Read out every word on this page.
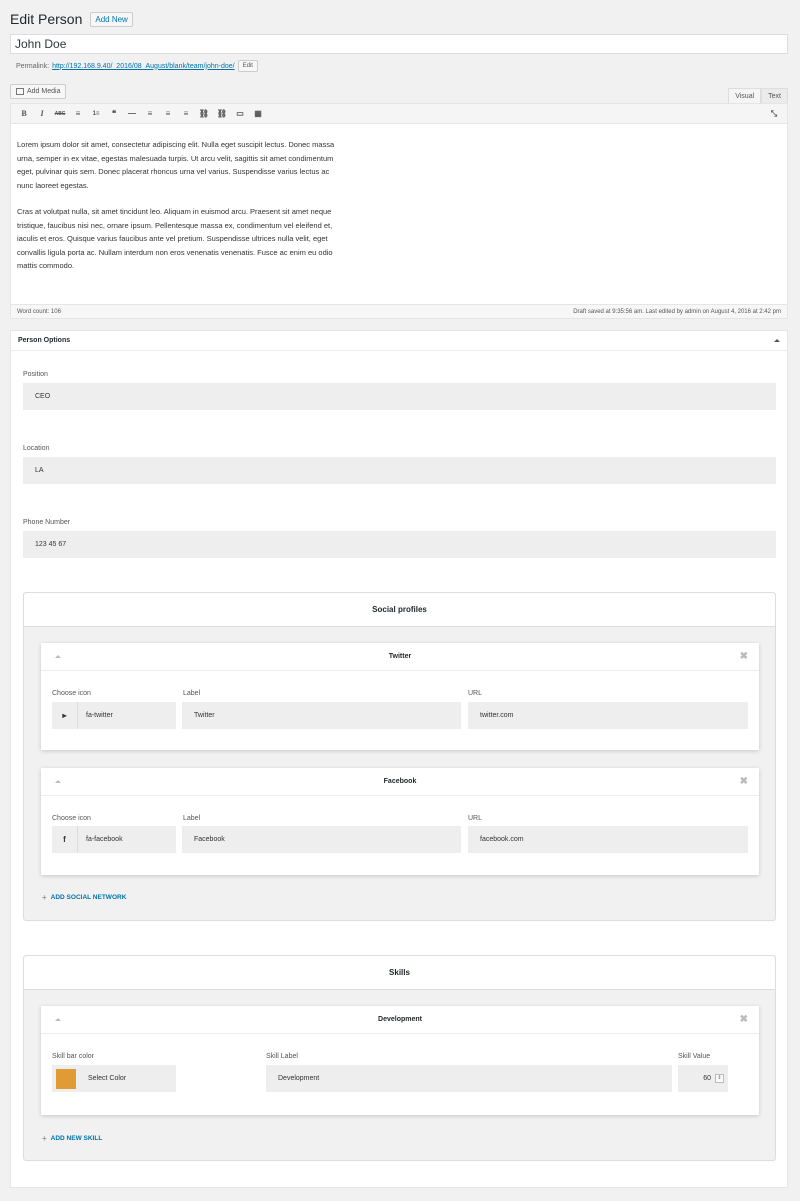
Edit Person	Add New
John Doe
Permalink: http://192.168.9.40/_2016/08_August/blank/team/john-doe/	Edit
Add Media
Visual	Text
B	I	ABC	≡	1≡	❝	—	≡	≡	≡	⛓ ⛓	▭	▦	⤡

Lorem ipsum dolor sit amet, consectetur adipiscing elit. Nulla eget suscipit lectus. Donec massa urna, semper in ex vitae, egestas malesuada turpis. Ut arcu velit, sagittis sit amet condimentum eget, pulvinar quis sem. Donec placerat rhoncus urna vel varius. Suspendisse varius lectus ac nunc laoreet egestas.

Cras at volutpat nulla, sit amet tincidunt leo. Aliquam in euismod arcu. Praesent sit amet neque tristique, faucibus nisi nec, ornare ipsum. Pellentesque massa ex, condimentum vel eleifend et, iaculis et eros. Quisque varius faucibus ante vel pretium. Suspendisse ultrices nulla velit, eget convallis ligula porta ac. Nullam interdum non eros venenatis venenatis. Fusce ac enim eu odio mattis commodo.

Word count: 106	Draft saved at 9:35:56 am. Last edited by admin on August 4, 2016 at 2:42 pm
Person Options
Position
CEO
Location
LA
Phone Number
123 45 67
Social profiles
Twitter	✖
Choose icon	Label	URL
▸	fa-twitter	Twitter	twitter.com
Facebook	✖
Choose icon	Label	URL
f	fa-facebook	Facebook	facebook.com
+ ADD SOCIAL NETWORK
Skills
Development	✖
Skill bar color	Skill Label	Skill Value
Select Color	Development	60	⇕
+ ADD NEW SKILL
